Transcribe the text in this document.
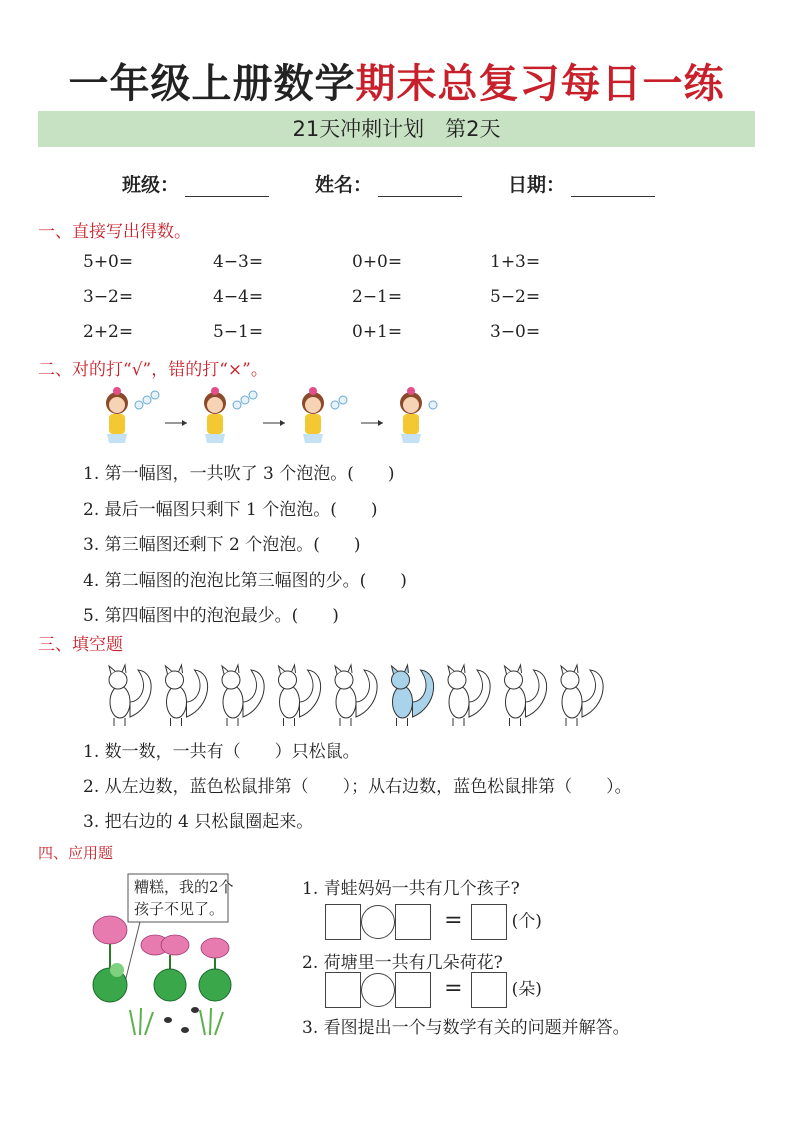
一年级上册数学期末总复习每日一练
21天冲刺计划　第2天
班级：	姓名：	日期：
一、直接写出得数。
二、对的打“√”，错的打“×”。
三、填空题
四、应用题
糟糕，我的2个
孩子不见了。
1. 青蛙妈妈一共有几个孩子?
=	(个)
2. 荷塘里一共有几朵荷花?
=	(朵)
3. 看图提出一个与数学有关的问题并解答。
5+0=	4−3=	0+0=	1+3=
3−2=	4−4=	2−1=	5−2=
2+2=	5−1=	0+1=	3−0=
1. 第一幅图，一共吹了 3 个泡泡。(　　)
2. 最后一幅图只剩下 1 个泡泡。(　　)
3. 第三幅图还剩下 2 个泡泡。(　　)
4. 第二幅图的泡泡比第三幅图的少。(　　)
5. 第四幅图中的泡泡最少。(　　)
1. 数一数，一共有（　　）只松鼠。
2. 从左边数，蓝色松鼠排第（　　）；从右边数，蓝色松鼠排第（　　）。
3. 把右边的 4 只松鼠圈起来。
